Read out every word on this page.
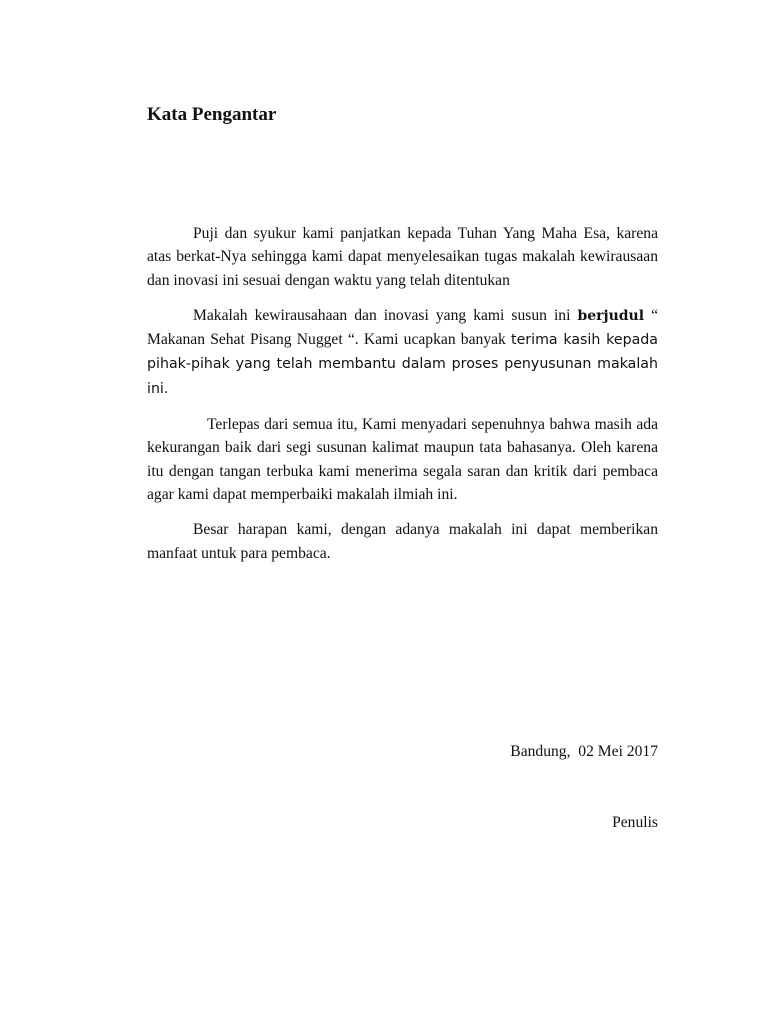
Kata Pengantar

Puji dan syukur kami panjatkan kepada Tuhan Yang Maha Esa, karena atas berkat-Nya sehingga kami dapat menyelesaikan tugas makalah kewirausaan dan inovasi ini sesuai dengan waktu yang telah ditentukan

Makalah kewirausahaan dan inovasi yang kami susun ini berjudul “ Makanan Sehat Pisang Nugget “. Kami ucapkan banyak terima kasih kepada pihak-pihak yang telah membantu dalam proses penyusunan makalah ini.

Terlepas dari semua itu, Kami menyadari sepenuhnya bahwa masih ada kekurangan baik dari segi susunan kalimat maupun tata bahasanya. Oleh karena itu dengan tangan terbuka kami menerima segala saran dan kritik dari pembaca agar kami dapat memperbaiki makalah ilmiah ini.

Besar harapan kami, dengan adanya makalah ini dapat memberikan manfaat untuk para pembaca.

Bandung,  02 Mei 2017

Penulis
